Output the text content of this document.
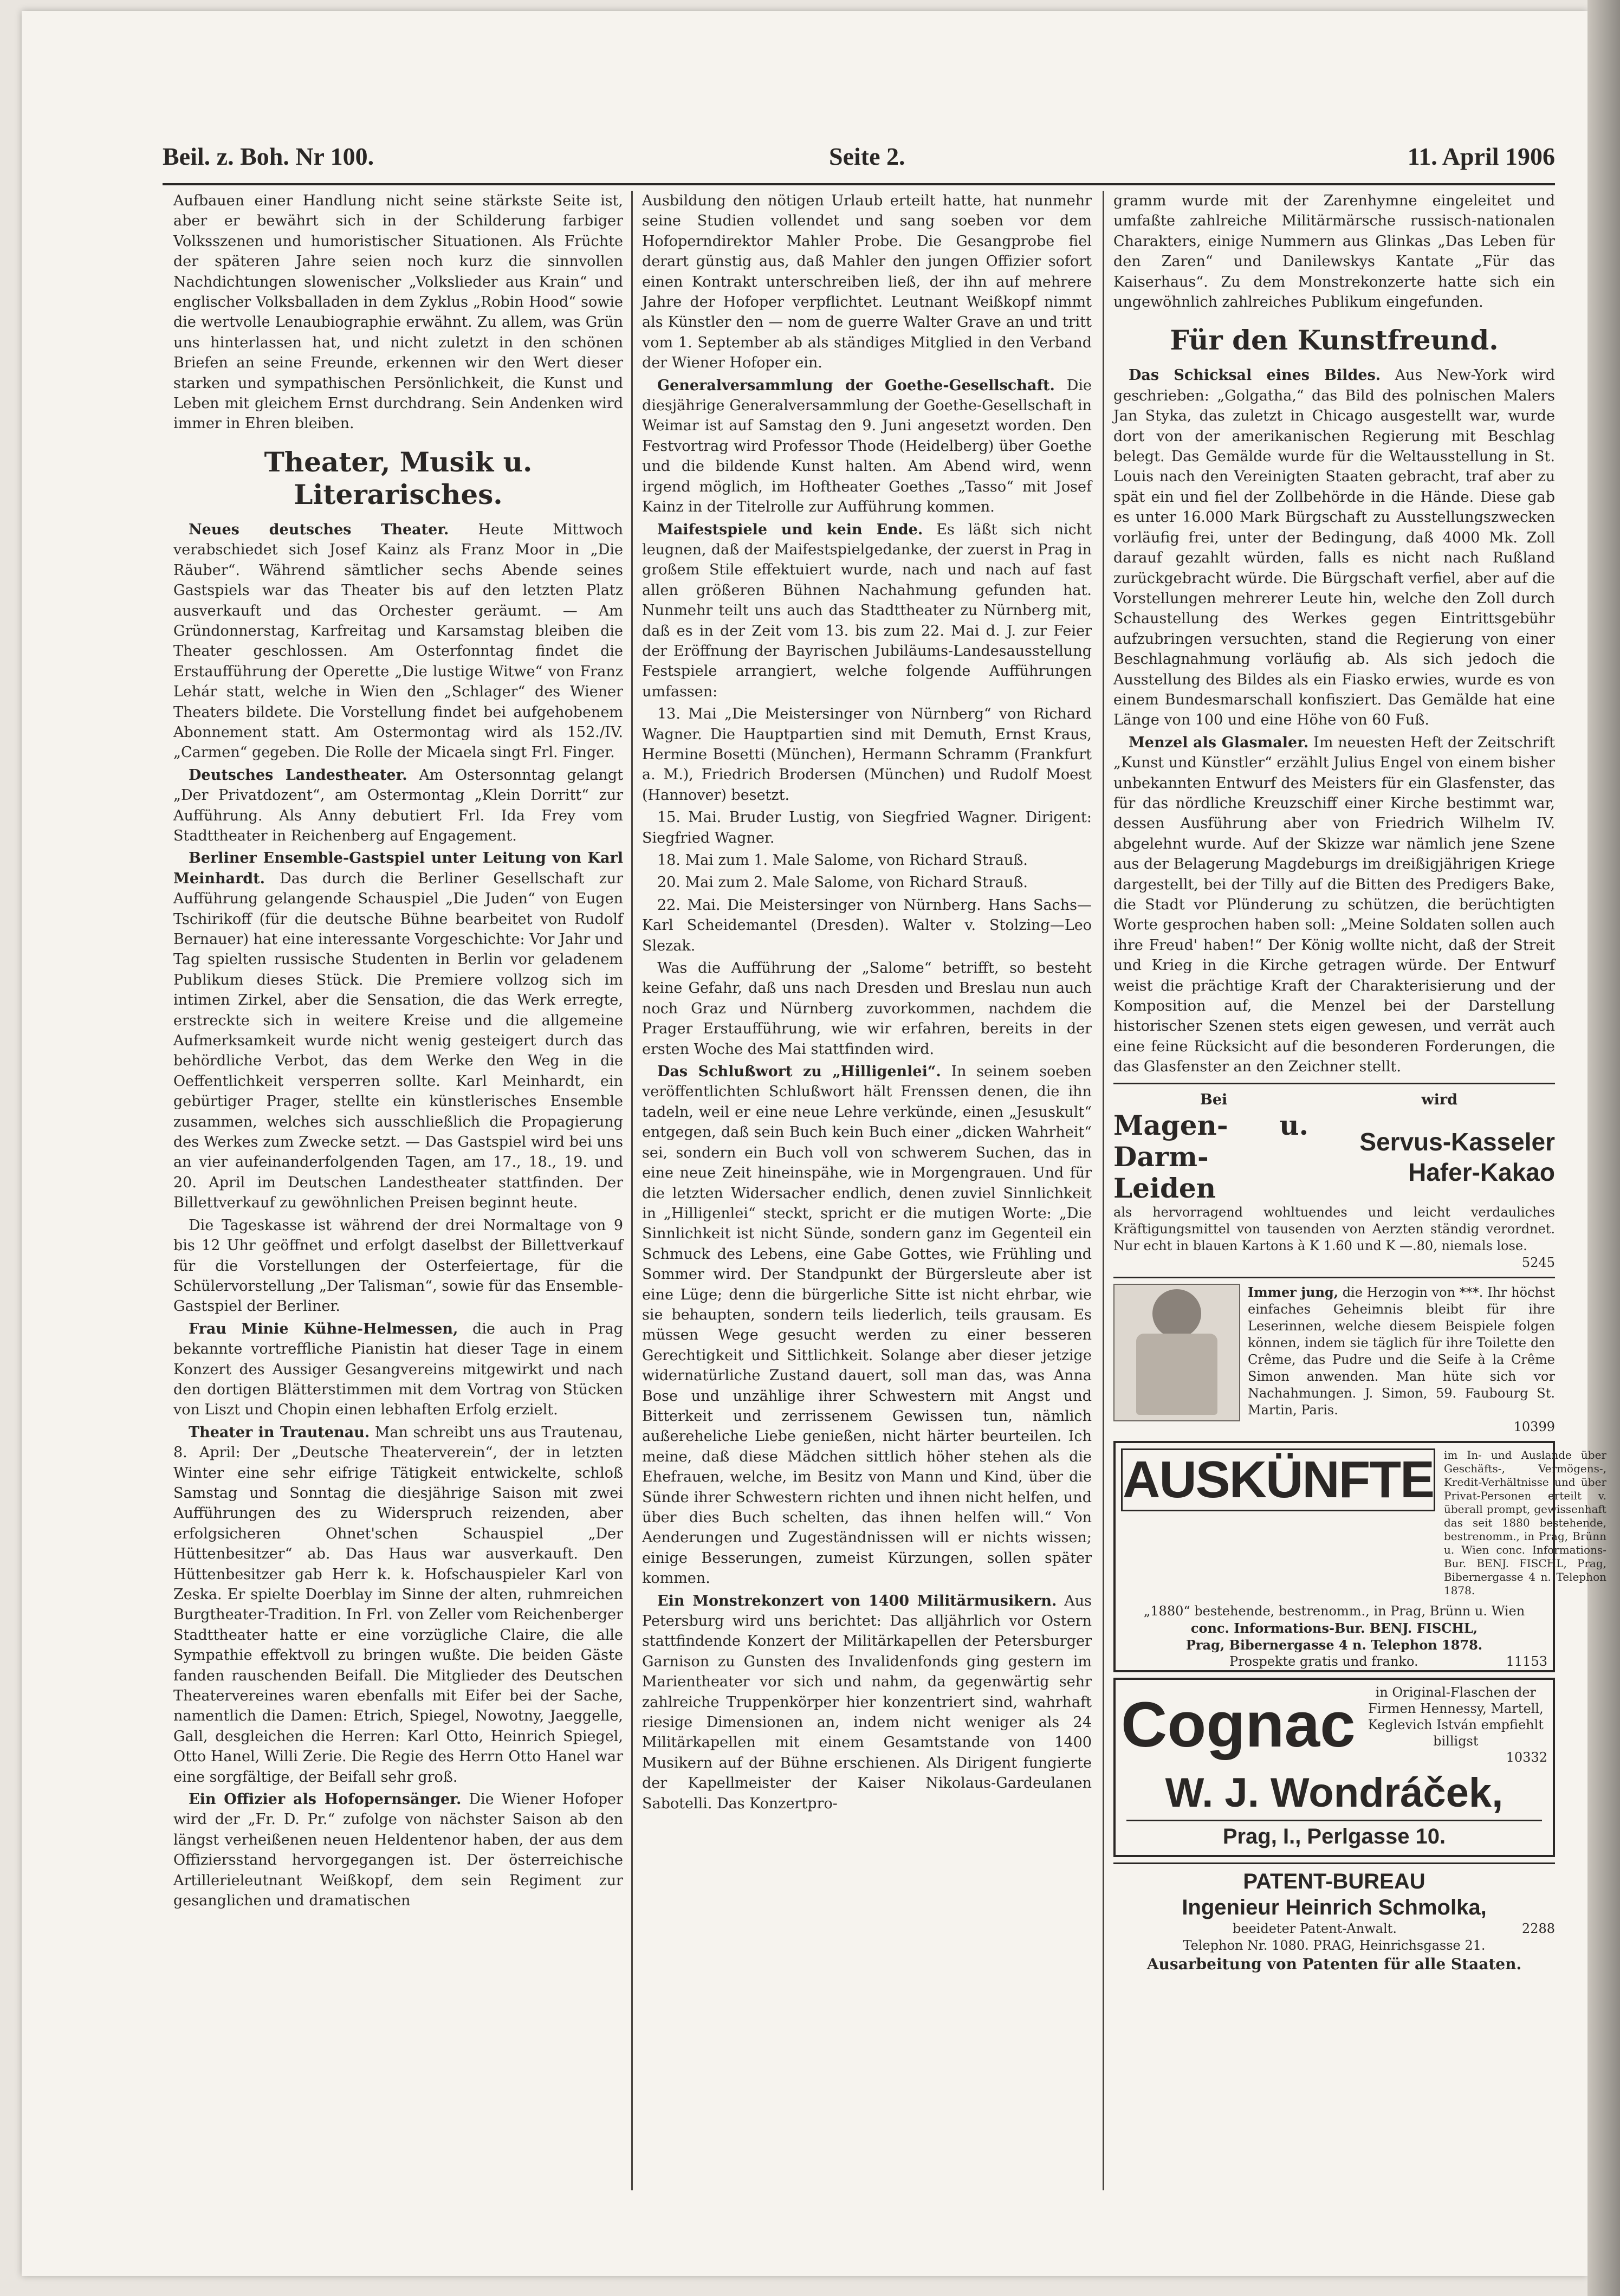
Beil. z. Boh. Nr 100.	Seite 2.	11. April 1906

Aufbauen einer Handlung nicht seine stärkste Seite ist, aber er bewährt sich in der Schilderung farbiger Volksszenen und humoristischer Situationen. Als Früchte der späteren Jahre seien noch kurz die sinnvollen Nachdichtungen slowenischer „Volkslieder aus Krain“ und englischer Volksballaden in dem Zyklus „Robin Hood“ sowie die wertvolle Lenaubiographie erwähnt. Zu allem, was Grün uns hinterlassen hat, und nicht zuletzt in den schönen Briefen an seine Freunde, erkennen wir den Wert dieser starken und sympathischen Persönlichkeit, die Kunst und Leben mit gleichem Ernst durchdrang. Sein Andenken wird immer in Ehren bleiben.

Theater, Musik u. Literarisches.

Neues deutsches Theater. Heute Mittwoch verabschiedet sich Josef Kainz als Franz Moor in „Die Räuber“. Während sämtlicher sechs Abende seines Gastspiels war das Theater bis auf den letzten Platz ausverkauft und das Orchester geräumt. — Am Gründonnerstag, Karfreitag und Karsamstag bleiben die Theater geschlossen. Am Osterfonntag findet die Erstaufführung der Operette „Die lustige Witwe“ von Franz Lehár statt, welche in Wien den „Schlager“ des Wiener Theaters bildete. Die Vorstellung findet bei aufgehobenem Abonnement statt. Am Ostermontag wird als 152./IV. „Carmen“ gegeben. Die Rolle der Micaela singt Frl. Finger.

Deutsches Landestheater. Am Ostersonntag gelangt „Der Privatdozent“, am Ostermontag „Klein Dorritt“ zur Aufführung. Als Anny debutiert Frl. Ida Frey vom Stadttheater in Reichenberg auf Engagement.

Berliner Ensemble-Gastspiel unter Leitung von Karl Meinhardt. Das durch die Berliner Gesellschaft zur Aufführung gelangende Schauspiel „Die Juden“ von Eugen Tschirikoff (für die deutsche Bühne bearbeitet von Rudolf Bernauer) hat eine interessante Vorgeschichte: Vor Jahr und Tag spielten russische Studenten in Berlin vor geladenem Publikum dieses Stück. Die Premiere vollzog sich im intimen Zirkel, aber die Sensation, die das Werk erregte, erstreckte sich in weitere Kreise und die allgemeine Aufmerksamkeit wurde nicht wenig gesteigert durch das behördliche Verbot, das dem Werke den Weg in die Oeffentlichkeit versperren sollte. Karl Meinhardt, ein gebürtiger Prager, stellte ein künstlerisches Ensemble zusammen, welches sich ausschließlich die Propagierung des Werkes zum Zwecke setzt. — Das Gastspiel wird bei uns an vier aufeinanderfolgenden Tagen, am 17., 18., 19. und 20. April im Deutschen Landestheater stattfinden. Der Billettverkauf zu gewöhnlichen Preisen beginnt heute.

Die Tageskasse ist während der drei Normaltage von 9 bis 12 Uhr geöffnet und erfolgt daselbst der Billettverkauf für die Vorstellungen der Osterfeiertage, für die Schülervorstellung „Der Talisman“, sowie für das Ensemble-Gastspiel der Berliner.

Frau Minie Kühne-Helmessen, die auch in Prag bekannte vortreffliche Pianistin hat dieser Tage in einem Konzert des Aussiger Gesangvereins mitgewirkt und nach den dortigen Blätterstimmen mit dem Vortrag von Stücken von Liszt und Chopin einen lebhaften Erfolg erzielt.

Theater in Trautenau. Man schreibt uns aus Trautenau, 8. April: Der „Deutsche Theaterverein“, der in letzten Winter eine sehr eifrige Tätigkeit entwickelte, schloß Samstag und Sonntag die diesjährige Saison mit zwei Aufführungen des zu Widerspruch reizenden, aber erfolgsicheren Ohnet'schen Schauspiel „Der Hüttenbesitzer“ ab. Das Haus war ausverkauft. Den Hüttenbesitzer gab Herr k. k. Hofschauspieler Karl von Zeska. Er spielte Doerblay im Sinne der alten, ruhmreichen Burgtheater-Tradition. In Frl. von Zeller vom Reichenberger Stadttheater hatte er eine vorzügliche Claire, die alle Sympathie effektvoll zu bringen wußte. Die beiden Gäste fanden rauschenden Beifall. Die Mitglieder des Deutschen Theatervereines waren ebenfalls mit Eifer bei der Sache, namentlich die Damen: Etrich, Spiegel, Nowotny, Jaeggelle, Gall, desgleichen die Herren: Karl Otto, Heinrich Spiegel, Otto Hanel, Willi Zerie. Die Regie des Herrn Otto Hanel war eine sorgfältige, der Beifall sehr groß.

Ein Offizier als Hofopernsänger. Die Wiener Hofoper wird der „Fr. D. Pr.“ zufolge von nächster Saison ab den längst verheißenen neuen Heldentenor haben, der aus dem Offiziersstand hervorgegangen ist. Der österreichische Artillerieleutnant Weißkopf, dem sein Regiment zur gesanglichen und dramatischen

Ausbildung den nötigen Urlaub erteilt hatte, hat nunmehr seine Studien vollendet und sang soeben vor dem Hofoperndirektor Mahler Probe. Die Gesangprobe fiel derart günstig aus, daß Mahler den jungen Offizier sofort einen Kontrakt unterschreiben ließ, der ihn auf mehrere Jahre der Hofoper verpflichtet. Leutnant Weißkopf nimmt als Künstler den — nom de guerre Walter Grave an und tritt vom 1. September ab als ständiges Mitglied in den Verband der Wiener Hofoper ein.

Generalversammlung der Goethe-Gesellschaft. Die diesjährige Generalversammlung der Goethe-Gesellschaft in Weimar ist auf Samstag den 9. Juni angesetzt worden. Den Festvortrag wird Professor Thode (Heidelberg) über Goethe und die bildende Kunst halten. Am Abend wird, wenn irgend möglich, im Hoftheater Goethes „Tasso“ mit Josef Kainz in der Titelrolle zur Aufführung kommen.

Maifestspiele und kein Ende. Es läßt sich nicht leugnen, daß der Maifestspielgedanke, der zuerst in Prag in großem Stile effektuiert wurde, nach und nach auf fast allen größeren Bühnen Nachahmung gefunden hat. Nunmehr teilt uns auch das Stadttheater zu Nürnberg mit, daß es in der Zeit vom 13. bis zum 22. Mai d. J. zur Feier der Eröffnung der Bayrischen Jubiläums-Landesausstellung Festspiele arrangiert, welche folgende Aufführungen umfassen:

13. Mai „Die Meistersinger von Nürnberg“ von Richard Wagner. Die Hauptpartien sind mit Demuth, Ernst Kraus, Hermine Bosetti (München), Hermann Schramm (Frankfurt a. M.), Friedrich Brodersen (München) und Rudolf Moest (Hannover) besetzt.

15. Mai. Bruder Lustig, von Siegfried Wagner. Dirigent: Siegfried Wagner.

18. Mai zum 1. Male Salome, von Richard Strauß.

20. Mai zum 2. Male Salome, von Richard Strauß.

22. Mai. Die Meistersinger von Nürnberg. Hans Sachs—Karl Scheidemantel (Dresden). Walter v. Stolzing—Leo Slezak.

Was die Aufführung der „Salome“ betrifft, so besteht keine Gefahr, daß uns nach Dresden und Breslau nun auch noch Graz und Nürnberg zuvorkommen, nachdem die Prager Erstaufführung, wie wir erfahren, bereits in der ersten Woche des Mai stattfinden wird.

Das Schlußwort zu „Hilligenlei“. In seinem soeben veröffentlichten Schlußwort hält Frenssen denen, die ihn tadeln, weil er eine neue Lehre verkünde, einen „Jesuskult“ entgegen, daß sein Buch kein Buch einer „dicken Wahrheit“ sei, sondern ein Buch voll von schwerem Suchen, das in eine neue Zeit hineinspähe, wie in Morgengrauen. Und für die letzten Widersacher endlich, denen zuviel Sinnlichkeit in „Hilligenlei“ steckt, spricht er die mutigen Worte: „Die Sinnlichkeit ist nicht Sünde, sondern ganz im Gegenteil ein Schmuck des Lebens, eine Gabe Gottes, wie Frühling und Sommer wird. Der Standpunkt der Bürgersleute aber ist eine Lüge; denn die bürgerliche Sitte ist nicht ehrbar, wie sie behaupten, sondern teils liederlich, teils grausam. Es müssen Wege gesucht werden zu einer besseren Gerechtigkeit und Sittlichkeit. Solange aber dieser jetzige widernatürliche Zustand dauert, soll man das, was Anna Bose und unzählige ihrer Schwestern mit Angst und Bitterkeit und zerrissenem Gewissen tun, nämlich außereheliche Liebe genießen, nicht härter beurteilen. Ich meine, daß diese Mädchen sittlich höher stehen als die Ehefrauen, welche, im Besitz von Mann und Kind, über die Sünde ihrer Schwestern richten und ihnen nicht helfen, und über dies Buch schelten, das ihnen helfen will.“ Von Aenderungen und Zugeständnissen will er nichts wissen; einige Besserungen, zumeist Kürzungen, sollen später kommen.

Ein Monstrekonzert von 1400 Militärmusikern. Aus Petersburg wird uns berichtet: Das alljährlich vor Ostern stattfindende Konzert der Militärkapellen der Petersburger Garnison zu Gunsten des Invalidenfonds ging gestern im Marientheater vor sich und nahm, da gegenwärtig sehr zahlreiche Truppenkörper hier konzentriert sind, wahrhaft riesige Dimensionen an, indem nicht weniger als 24 Militärkapellen mit einem Gesamtstande von 1400 Musikern auf der Bühne erschienen. Als Dirigent fungierte der Kapellmeister der Kaiser Nikolaus-Gardeulanen Sabotelli. Das Konzertpro-

gramm wurde mit der Zarenhymne eingeleitet und umfaßte zahlreiche Militärmärsche russisch-nationalen Charakters, einige Nummern aus Glinkas „Das Leben für den Zaren“ und Danilewskys Kantate „Für das Kaiserhaus“. Zu dem Monstrekonzerte hatte sich ein ungewöhnlich zahlreiches Publikum eingefunden.

Für den Kunstfreund.

Das Schicksal eines Bildes. Aus New-York wird geschrieben: „Golgatha,“ das Bild des polnischen Malers Jan Styka, das zuletzt in Chicago ausgestellt war, wurde dort von der amerikanischen Regierung mit Beschlag belegt. Das Gemälde wurde für die Weltausstellung in St. Louis nach den Vereinigten Staaten gebracht, traf aber zu spät ein und fiel der Zollbehörde in die Hände. Diese gab es unter 16.000 Mark Bürgschaft zu Ausstellungszwecken vorläufig frei, unter der Bedingung, daß 4000 Mk. Zoll darauf gezahlt würden, falls es nicht nach Rußland zurückgebracht würde. Die Bürgschaft verfiel, aber auf die Vorstellungen mehrerer Leute hin, welche den Zoll durch Schaustellung des Werkes gegen Eintrittsgebühr aufzubringen versuchten, stand die Regierung von einer Beschlagnahmung vorläufig ab. Als sich jedoch die Ausstellung des Bildes als ein Fiasko erwies, wurde es von einem Bundesmarschall konfisziert. Das Gemälde hat eine Länge von 100 und eine Höhe von 60 Fuß.

Menzel als Glasmaler. Im neuesten Heft der Zeitschrift „Kunst und Künstler“ erzählt Julius Engel von einem bisher unbekannten Entwurf des Meisters für ein Glasfenster, das für das nördliche Kreuzschiff einer Kirche bestimmt war, dessen Ausführung aber von Friedrich Wilhelm IV. abgelehnt wurde. Auf der Skizze war nämlich jene Szene aus der Belagerung Magdeburgs im dreißigjährigen Kriege dargestellt, bei der Tilly auf die Bitten des Predigers Bake, die Stadt vor Plünderung zu schützen, die berüchtigten Worte gesprochen haben soll: „Meine Soldaten sollen auch ihre Freud' haben!“ Der König wollte nicht, daß der Streit und Krieg in die Kirche getragen würde. Der Entwurf weist die prächtige Kraft der Charakterisierung und der Komposition auf, die Menzel bei der Darstellung historischer Szenen stets eigen gewesen, und verrät auch eine feine Rücksicht auf die besonderen Forderungen, die das Glasfenster an den Zeichner stellt.

Bei	wird
Magen- u. Darm-Leiden
Servus-Kasseler Hafer-Kakao
als hervorragend wohltuendes und leicht verdauliches Kräftigungsmittel von tausenden von Aerzten ständig verordnet. Nur echt in blauen Kartons à K 1.60 und K —.80, niemals lose.
5245
Immer jung, die Herzogin von ***. Ihr höchst einfaches Geheimnis bleibt für ihre Leserinnen, welche diesem Beispiele folgen können, indem sie täglich für ihre Toilette den Crême, das Pudre und die Seife à la Crême Simon anwenden. Man hüte sich vor Nachahmungen. J. Simon, 59. Faubourg St. Martin, Paris.
10399
AUSKÜNFTE im In- und Auslande über Geschäfts-, Vermögens-, Kredit-Verhältnisse und über Privat-Personen erteilt v. überall prompt, gewissenhaft das seit 1880 bestehende, bestrenomm., in Prag, Brünn u. Wien conc. Informations-Bur. BENJ. FISCHL, Prag, Bibernergasse 4 n. Telephon 1878.
„1880“ bestehende, bestrenomm., in Prag, Brünn u. Wien
conc. Informations-Bur. BENJ. FISCHL,
Prag, Bibernergasse 4 n. Telephon 1878.
Prospekte gratis und franko.	11153
Cognac	in Original-Flaschen der Firmen Hennessy, Martell, Keglevich István empfiehlt billigst
10332
W. J. Wondráček,
Prag, I., Perlgasse 10.
PATENT-BUREAU
Ingenieur Heinrich Schmolka,
beeideter Patent-Anwalt.	2288
Telephon Nr. 1080. PRAG, Heinrichsgasse 21.
Ausarbeitung von Patenten für alle Staaten.
